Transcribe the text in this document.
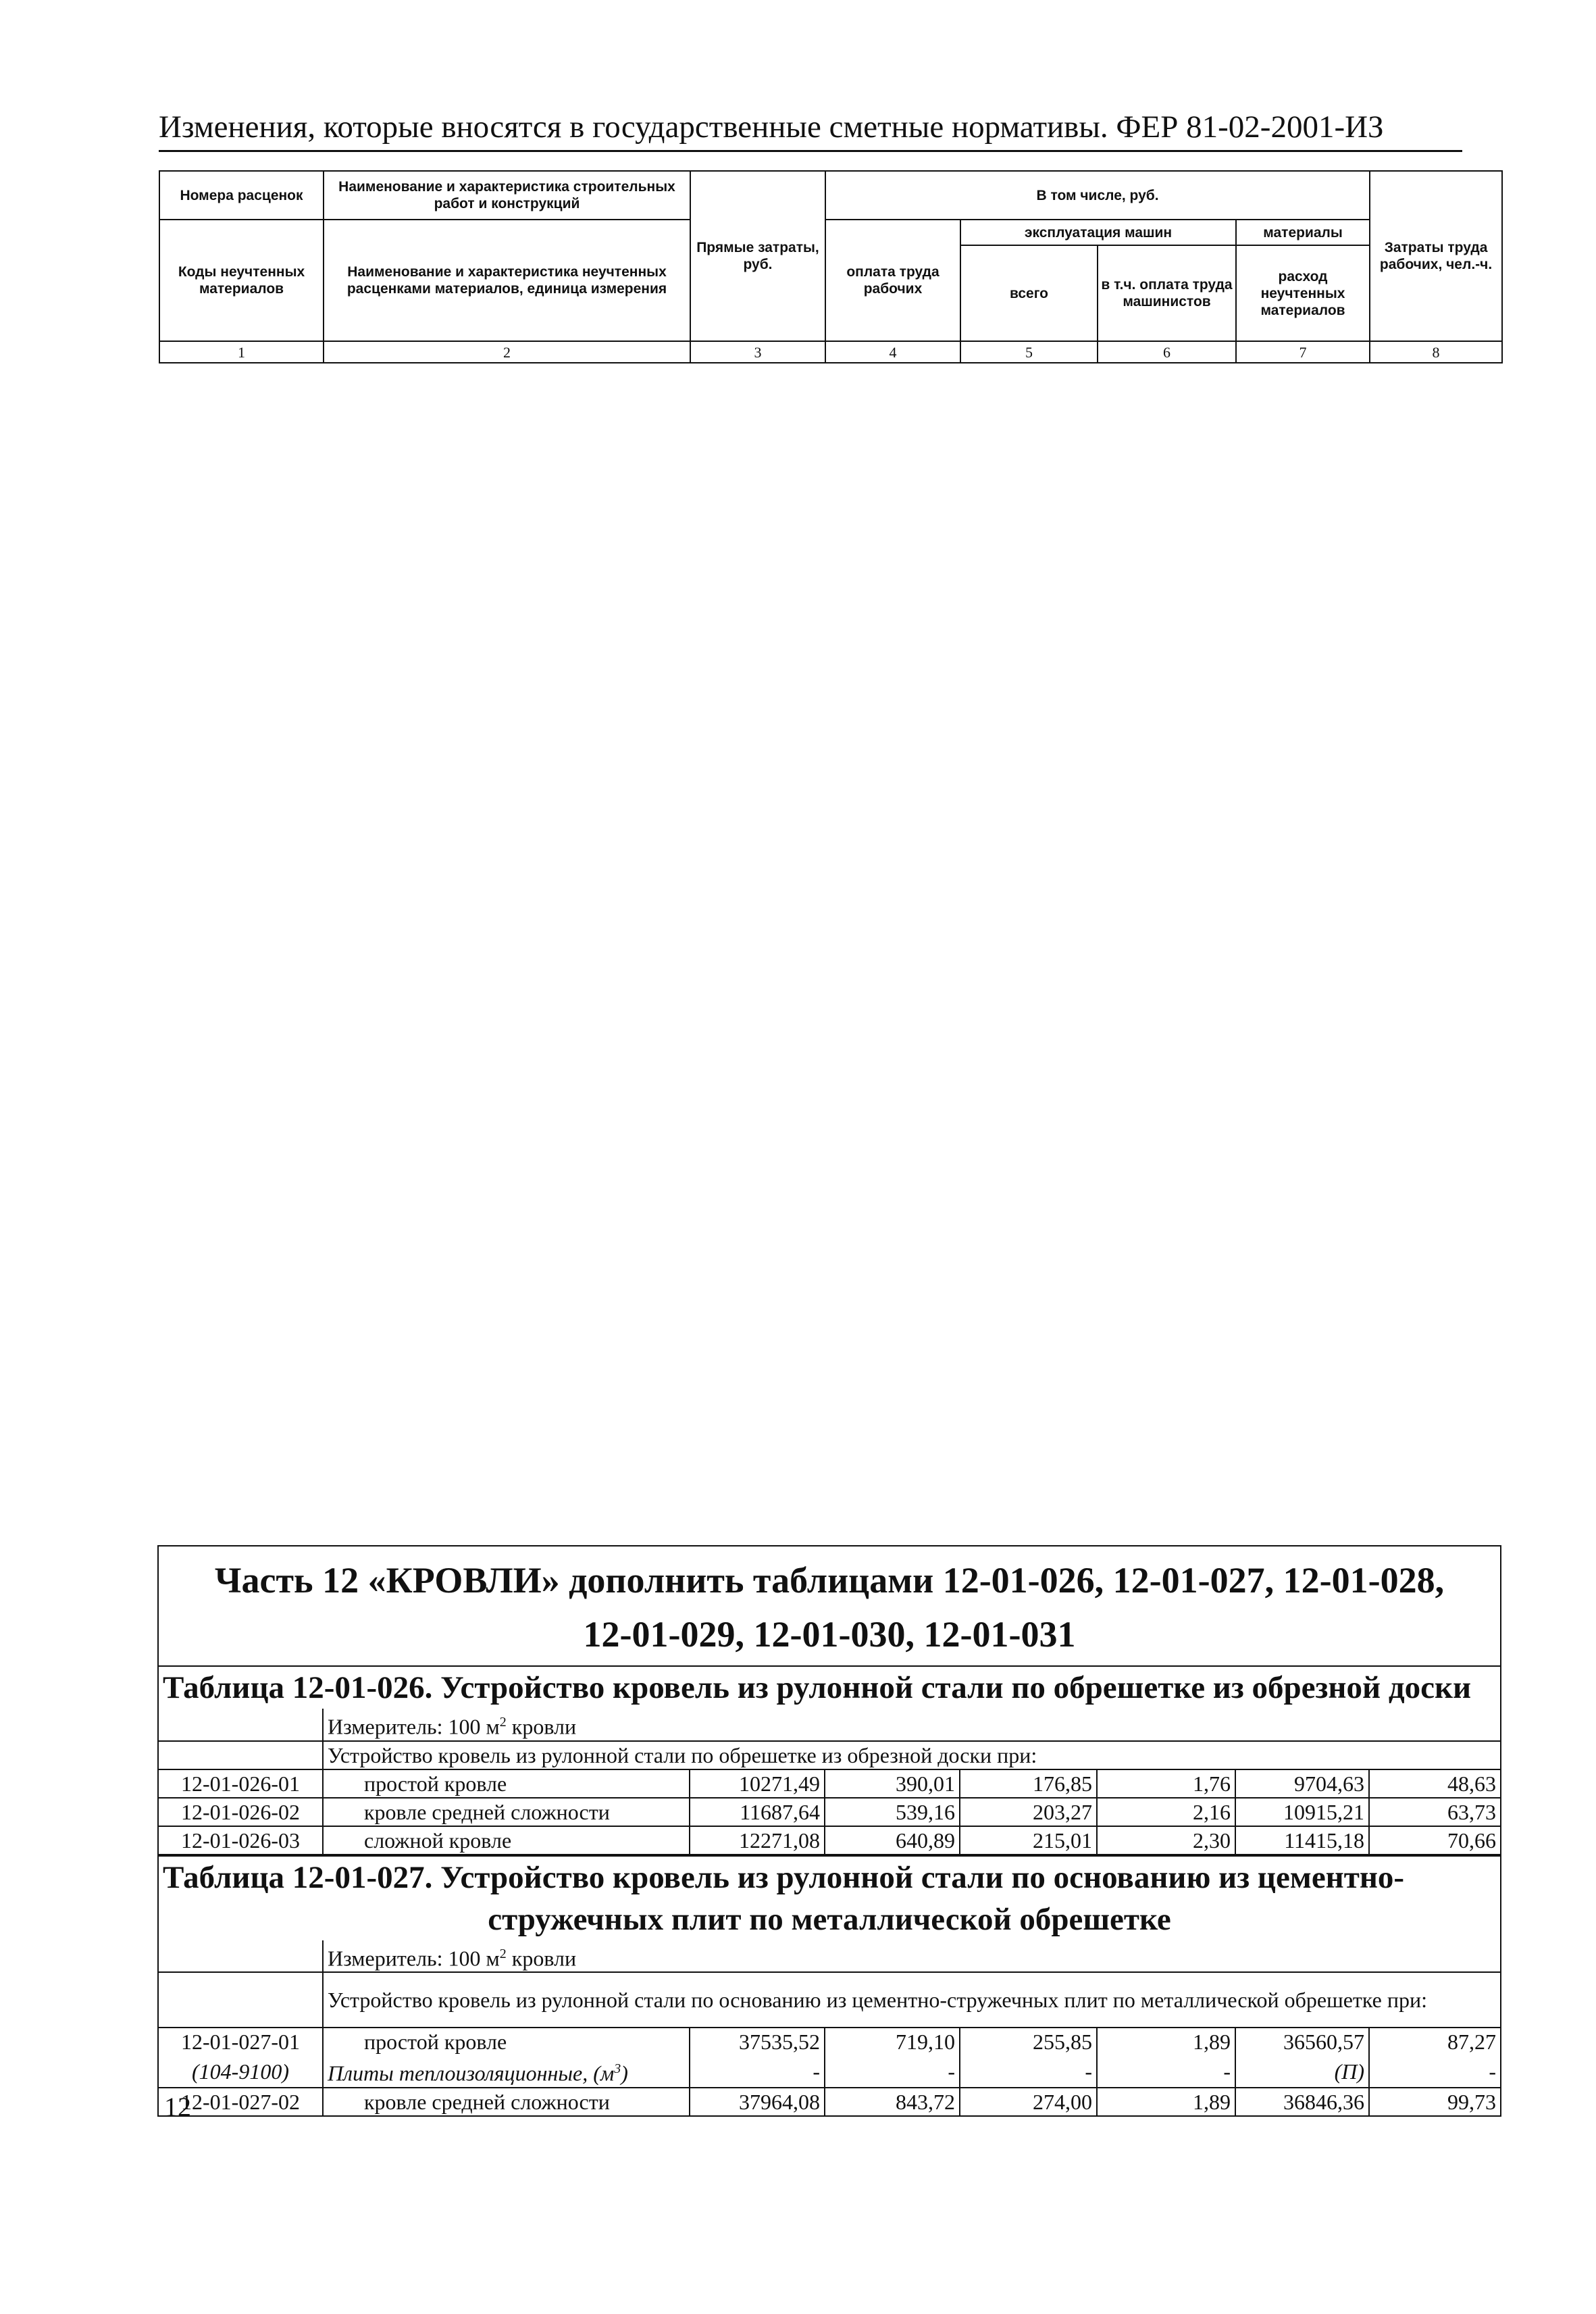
Изменения, которые вносятся в государственные сметные нормативы. ФЕР 81-02-2001-ИЗ
Номера расценок	Наименование и характеристика строительных работ и конструкций	Прямые затраты, руб.	В том числе, руб.				Затраты труда рабочих, чел.-ч.
Коды неучтенных материалов	Наименование и характеристика неучтенных расценками материалов, единица измерения		оплата труда рабочих	эксплуатация машин		материалы	
				всего	в т.ч. оплата труда машинистов	расход неучтенных материалов	
1	2	3	4	5	6	7	8
Часть 12 «КРОВЛИ» дополнить таблицами 12-01-026, 12-01-027, 12-01-028,
12-01-029, 12-01-030, 12-01-031
Таблица 12-01-026. Устройство кровель из рулонной стали по обрешетке из обрезной доски
	Измеритель: 100 $м^2$ кровли						
	Устройство кровель из рулонной стали по обрешетке из обрезной доски при:						
12-01-026-01	простой кровле	10271,49	390,01	176,85	1,76	9704,63	48,63
12-01-026-02	кровле средней сложности	11687,64	539,16	203,27	2,16	10915,21	63,73
12-01-026-03	сложной кровле	12271,08	640,89	215,01	2,30	11415,18	70,66
Таблица 12-01-027. Устройство кровель из рулонной стали по основанию из цементно-
стружечных плит по металлической обрешетке
	Измеритель: 100 $м^2$ кровли						
	Устройство кровель из рулонной стали по основанию из цементно-стружечных плит по металлической обрешетке при:						
12-01-027-01	простой кровле	37535,52	719,10	255,85	1,89	36560,57	87,27
(104-9100)	Плиты теплоизоляционные, $(м^3)$	-	-	-	-	(П)	-
12-01-027-02	кровле средней сложности	37964,08	843,72	274,00	1,89	36846,36	99,73
12
